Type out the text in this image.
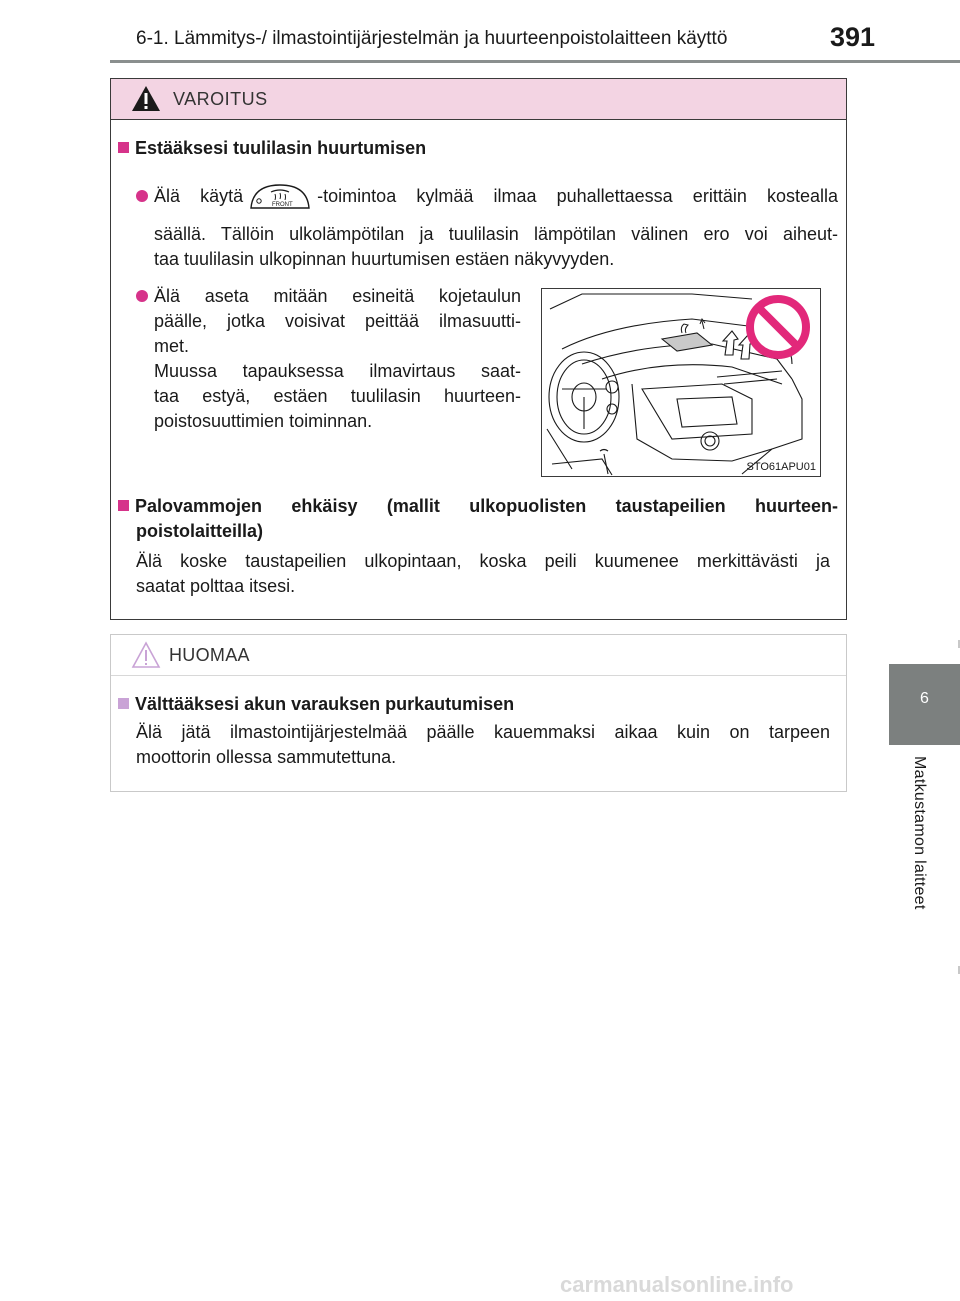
6-1. Lämmitys-/ ilmastointijärjestelmän ja huurteenpoistolaitteen käyttö	391
6
Matkustamon laitteet
VAROITUS
Estääksesi tuulilasin huurtumisen
Älä käytä	FRONT -toimintoa kylmää ilmaa puhallettaessa erittäin kostealla
säällä. Tällöin ulkolämpötilan ja tuulilasin lämpötilan välinen ero voi aiheut-
taa tuulilasin ulkopinnan huurtumisen estäen näkyvyyden.
Älä aseta mitään esineitä kojetaulun
päälle, jotka voisivat peittää ilmasuutti-
met.
Muussa tapauksessa ilmavirtaus saat-
taa estyä, estäen tuulilasin huurteen-
poistosuuttimien toiminnan.
STO61APU01
Palovammojen ehkäisy (mallit ulkopuolisten taustapeilien huurteen-
poistolaitteilla)
Älä koske taustapeilien ulkopintaan, koska peili kuumenee merkittävästi ja
saatat polttaa itsesi.
HUOMAA
Välttääksesi akun varauksen purkautumisen
Älä jätä ilmastointijärjestelmää päälle kauemmaksi aikaa kuin on tarpeen
moottorin ollessa sammutettuna.
carmanualsonline.info
